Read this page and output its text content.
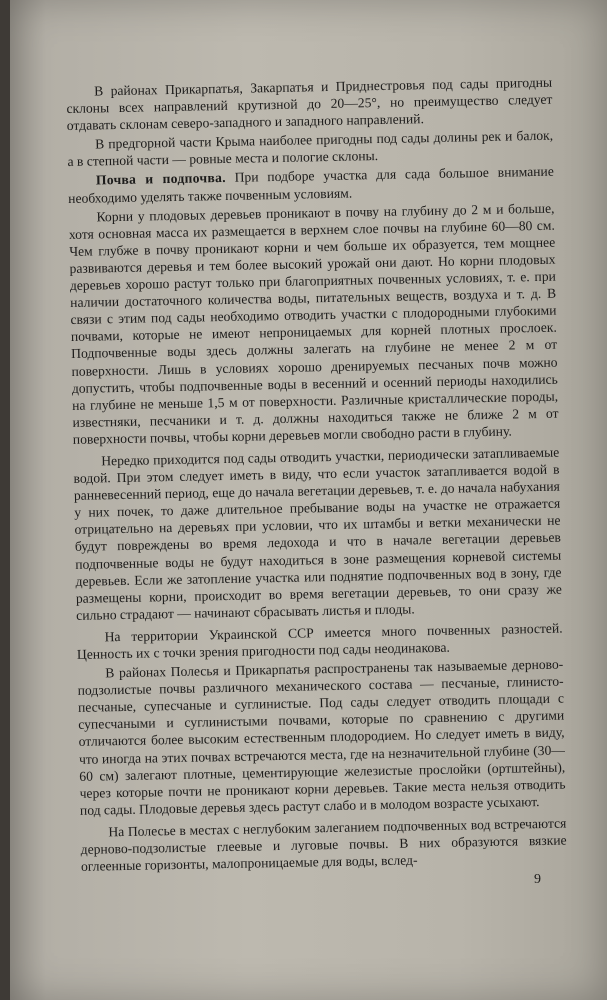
В районах Прикарпатья, Закарпатья и Приднестровья под сады пригодны склоны всех направлений крутизной до 20—25°, но преимущество следует отдавать склонам северо-западного и западного направлений.

В предгорной части Крыма наиболее пригодны под сады долины рек и балок, а в степной части — ровные места и пологие склоны.

Почва и подпочва. При подборе участка для сада большое внимание необходимо уделять также почвенным условиям.

Корни у плодовых деревьев проникают в почву на глубину до 2 м и больше, хотя основная масса их размещается в верхнем слое почвы на глубине 60—80 см. Чем глубже в почву проникают корни и чем больше их образуется, тем мощнее развиваются деревья и тем более высокий урожай они дают. Но корни плодовых деревьев хорошо растут только при благоприятных почвенных условиях, т. е. при наличии достаточного количества воды, питательных веществ, воздуха и т. д. В связи с этим под сады необходимо отводить участки с плодородными глубокими почвами, которые не имеют непроницаемых для корней плотных прослоек. Подпочвенные воды здесь должны залегать на глубине не менее 2 м от поверхности. Лишь в условиях хорошо дренируемых песчаных почв можно допустить, чтобы подпочвенные воды в весенний и осенний периоды находились на глубине не меньше 1,5 м от поверхности. Различные кристаллические породы, известняки, песчаники и т. д. должны находиться также не ближе 2 м от поверхности почвы, чтобы корни деревьев могли свободно расти в глубину.

Нередко приходится под сады отводить участки, периодически затапливаемые водой. При этом следует иметь в виду, что если участок затапливается водой в ранневесенний период, еще до начала вегетации деревьев, т. е. до начала набухания у них почек, то даже длительное пребывание воды на участке не отражается отрицательно на деревьях при условии, что их штамбы и ветки механически не будут повреждены во время ледохода и что в начале вегетации деревьев подпочвенные воды не будут находиться в зоне размещения корневой системы деревьев. Если же затопление участка или поднятие подпочвенных вод в зону, где размещены корни, происходит во время вегетации деревьев, то они сразу же сильно страдают — начинают сбрасывать листья и плоды.

На территории Украинской ССР имеется много почвенных разностей. Ценность их с точки зрения пригодности под сады неодинакова.

В районах Полесья и Прикарпатья распространены так называемые дерново-подзолистые почвы различного механического состава — песчаные, глинисто-песчаные, супесчаные и суглинистые. Под сады следует отводить площади с супесчаными и суглинистыми почвами, которые по сравнению с другими отличаются более высоким естественным плодородием. Но следует иметь в виду, что иногда на этих почвах встречаются места, где на незначительной глубине (30—60 см) залегают плотные, цементирующие железистые прослойки (ортштейны), через которые почти не проникают корни деревьев. Такие места нельзя отводить под сады. Плодовые деревья здесь растут слабо и в молодом возрасте усыхают.

На Полесье в местах с неглубоким залеганием подпочвенных вод встречаются дерново-подзолистые глеевые и луговые почвы. В них образуются вязкие оглеенные горизонты, малопроницаемые для воды, вслед-

9
